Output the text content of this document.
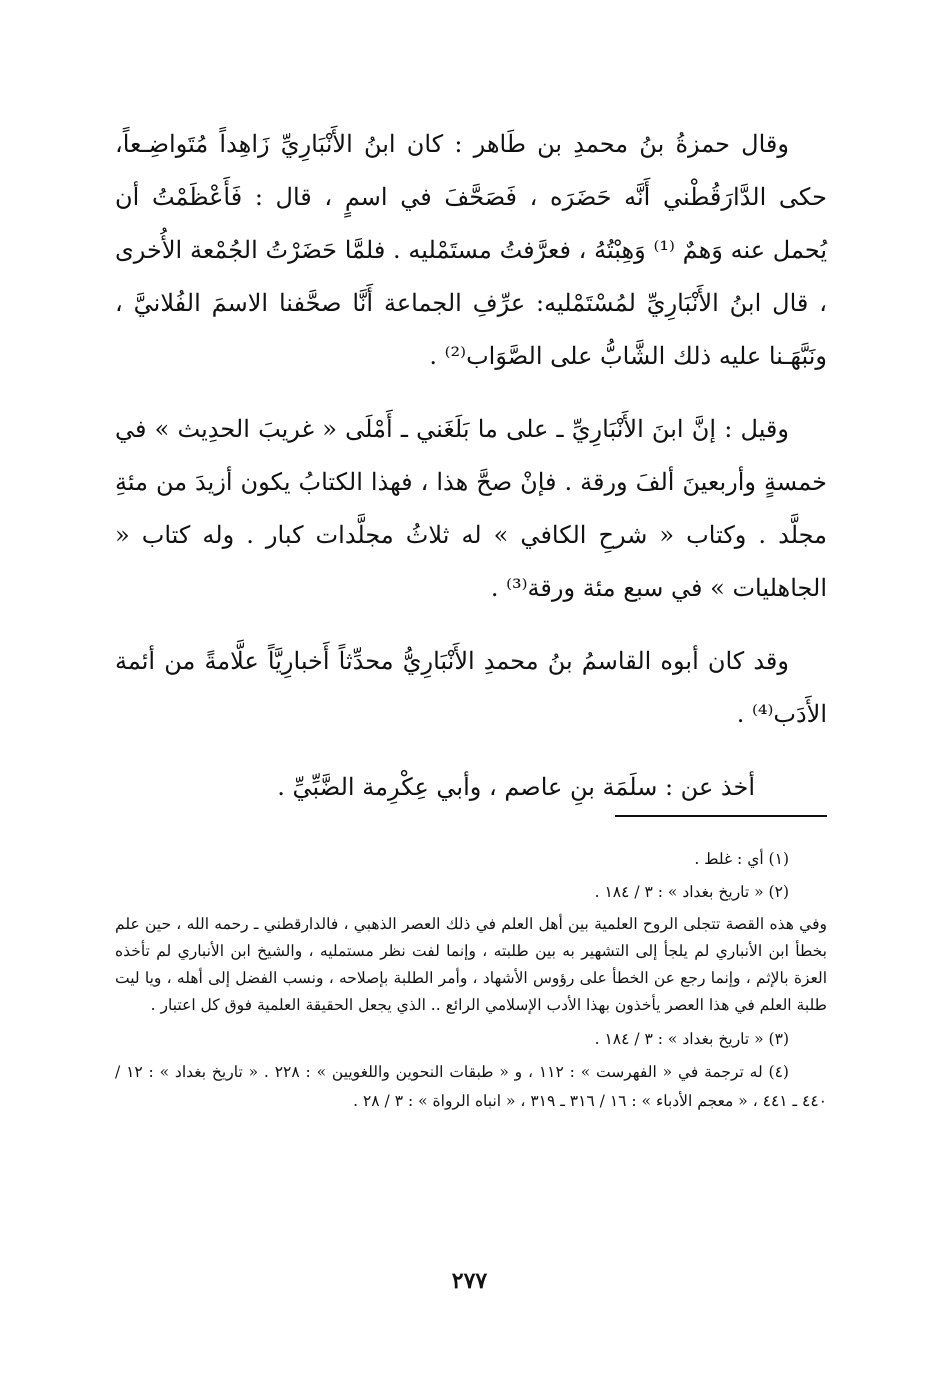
وقال حمزةُ بنُ محمدِ بن طَاهر : كان ابنُ الأَنْبَارِيِّ زَاهِداً مُتَواضِـعاً، حكى الدَّارَقُطْني أَنَّه حَضَرَه ، فَصَحَّفَ في اسمٍ ، قال : فَأَعْظَمْتُ أن يُحمل عنه وَهمٌ ⁽¹⁾ وَهِبْتُهُ ، فعرَّفتُ مستَمْليه . فلمَّا حَضَرْتُ الجُمْعة الأُخرى ، قال ابنُ الأَنْبَارِيِّ لمُسْتَمْليه: عرِّفِ الجماعة أَنَّا صحَّفنا الاسمَ الفُلانيَّ ، ونَبَّهَـنا عليه ذلك الشَّابُّ على الصَّوَاب⁽²⁾ .

وقيل : إنَّ ابنَ الأَنْبَارِيِّ ـ على ما بَلَغَني ـ أَمْلَى « غريبَ الحدِيث » في خمسةٍ وأربعينَ ألفَ ورقة . فإنْ صحَّ هذا ، فهذا الكتابُ يكون أزيدَ من مئةِ مجلَّد . وكتاب « شرحِ الكافي » له ثلاثُ مجلَّدات كبار . وله كتاب « الجاهليات » في سبع مئة ورقة⁽³⁾ .

وقد كان أبوه القاسمُ بنُ محمدِ الأَنْبَارِيُّ محدِّثاً أَخبارِيَّاً علَّامةً من أئمة الأَدَب⁽⁴⁾ .

أخذ عن : سلَمَة بنِ عاصم ، وأبي عِكْرِمة الضَّبِّيِّ .

(١) أي : غلط .

(٢) « تاريخ بغداد » : ٣ / ١٨٤ .

وفي هذه القصة تتجلى الروح العلمية بين أهل العلم في ذلك العصر الذهبي ، فالدارقطني ـ رحمه الله ، حين علم بخطأ ابن الأنباري لم يلجأ إلى التشهير به بين طلبته ، وإنما لفت نظر مستمليه ، والشيخ ابن الأنباري لم تأخذه العزة بالإثم ، وإنما رجع عن الخطأ على رؤوس الأشهاد ، وأمر الطلبة بإصلاحه ، ونسب الفضل إلى أهله ، ويا ليت طلبة العلم في هذا العصر يأخذون بهذا الأدب الإسلامي الرائع .. الذي يجعل الحقيقة العلمية فوق كل اعتبار .

(٣) « تاريخ بغداد » : ٣ / ١٨٤ .

(٤) له ترجمة في « الفهرست » : ١١٢ ، و « طبقات النحوين واللغويين » : ٢٢٨ . « تاريخ بغداد » : ١٢ / ٤٤٠ ـ ٤٤١ ، « معجم الأدباء » : ١٦ / ٣١٦ ـ ٣١٩ ، « انباه الرواة » : ٣ / ٢٨ .

٢٧٧
